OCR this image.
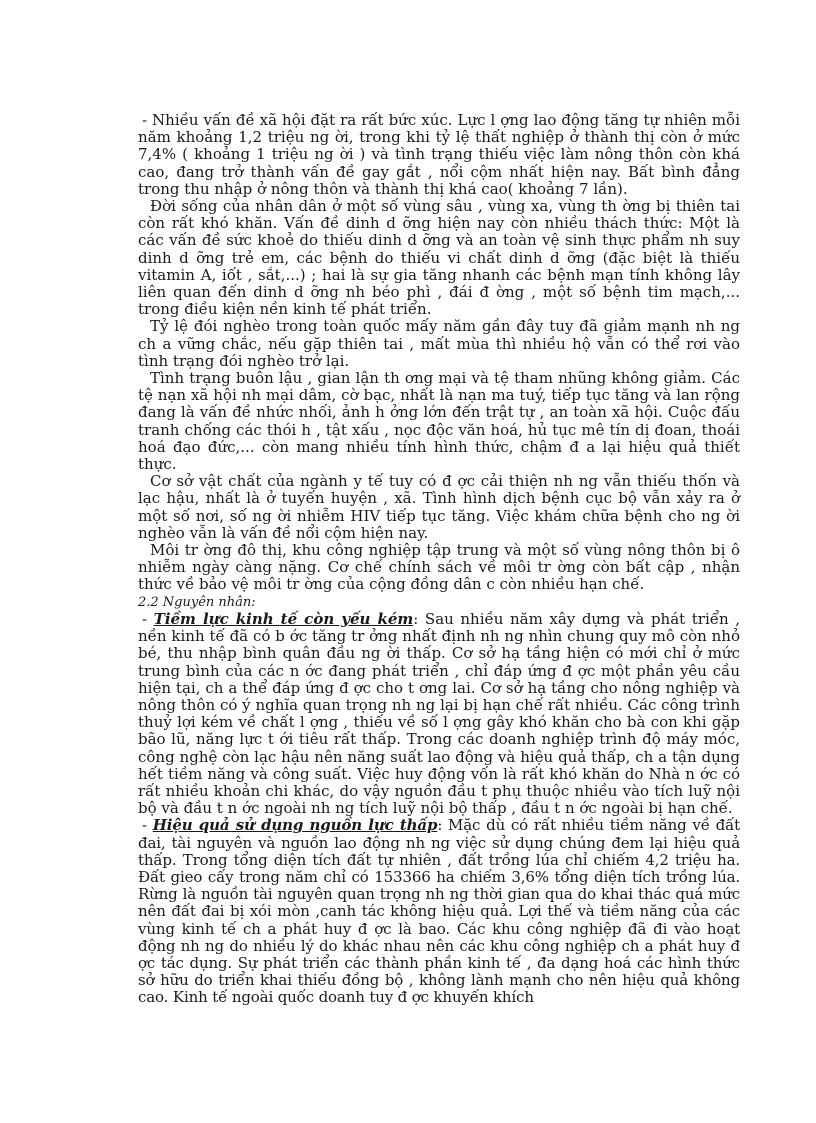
- Nhiều vấn đề xã hội đặt ra rất bức xúc. Lực l ợng lao động tăng tự nhiên mỗi năm khoảng 1,2 triệu ng ời, trong khi tỷ lệ thất nghiệp ở thành thị còn ở mức 7,4% ( khoảng 1 triệu ng ời ) và tình trạng thiếu việc làm nông thôn còn khá cao, đang trở thành vấn đề gay gắt , nổi cộm nhất hiện nay. Bất bình đẳng trong thu nhập ở nông thôn và thành thị khá cao( khoảng 7 lần).

Đời sống của nhân dân ở một số vùng sâu , vùng xa, vùng th ờng bị thiên tai còn rất khó khăn. Vấn đề dinh d ỡng hiện nay còn nhiều thách thức: Một là các vấn đề sức khoẻ do thiếu dinh d ỡng và an toàn vệ sinh thực phẩm nh suy dinh d ỡng trẻ em, các bệnh do thiếu vi chất dinh d ỡng (đặc biệt là thiếu vitamin A, iốt , sắt,...) ; hai là sự gia tăng nhanh các bệnh mạn tính không lây liên quan đến dinh d ỡng nh béo phì , đái đ ờng , một số bệnh tim mạch,... trong điều kiện nền kinh tế phát triển.

Tỷ lệ đói nghèo trong toàn quốc mấy năm gần đây tuy đã giảm mạnh nh ng ch a vững chắc, nếu gặp thiên tai , mất mùa thì nhiều hộ vẫn có thể rơi vào tình trạng đói nghèo trở lại.

Tình trạng buôn lậu , gian lận th ơng mại và tệ tham nhũng không giảm. Các tệ nạn xã hội nh mại dâm, cờ bạc, nhất là nạn ma tuý, tiếp tục tăng và lan rộng đang là vấn đề nhức nhối, ảnh h ởng lớn đến trật tự , an toàn xã hội. Cuộc đấu tranh chống các thói h , tật xấu , nọc độc văn hoá, hủ tục mê tín dị đoan, thoái hoá đạo đức,... còn mang nhiều tính hình thức, chậm đ a lại hiệu quả thiết thực.

Cơ sở vật chất của ngành y tế tuy có đ ợc cải thiện nh ng vẫn thiếu thốn và lạc hậu, nhất là ở tuyến huyện , xã. Tình hình dịch bệnh cục bộ vẫn xảy ra ở một số nơi, số ng ời nhiễm HIV tiếp tục tăng. Việc khám chữa bệnh cho ng ời nghèo vẫn là vấn đề nổi cộm hiện nay.

Môi tr ờng đô thị, khu công nghiệp tập trung và một số vùng nông thôn bị ô nhiễm ngày càng nặng. Cơ chế chính sách về môi tr ờng còn bất cập , nhận thức về bảo vệ môi tr ờng của cộng đồng dân c còn nhiều hạn chế.

2.2 Nguyên nhân:

- Tiềm lực kinh tế còn yếu kém: Sau nhiều năm xây dựng và phát triển , nền kinh tế đã có b ớc tăng tr ởng nhất định nh ng nhìn chung quy mô còn nhỏ bé, thu nhập bình quân đầu ng ời thấp. Cơ sở hạ tầng hiện có mới chỉ ở mức trung bình của các n ớc đang phát triển , chỉ đáp ứng đ ợc một phần yêu cầu hiện tại, ch a thể đáp ứng đ ợc cho t ơng lai. Cơ sở hạ tầng cho nông nghiệp và nông thôn có ý nghĩa quan trọng nh ng lại bị hạn chế rất nhiều. Các công trình thuỷ lợi kém về chất l ợng , thiếu về số l ợng gây khó khăn cho bà con khi gặp bão lũ, năng lực t ới tiêu rất thấp. Trong các doanh nghiệp trình độ máy móc, công nghệ còn lạc hậu nên năng suất lao động và hiệu quả thấp, ch a tận dụng hết tiềm năng và công suất. Việc huy động vốn là rất khó khăn do Nhà n ớc có rất nhiều khoản chi khác, do vậy nguồn đầu t phụ thuộc nhiều vào tích luỹ nội bộ và đầu t n ớc ngoài nh ng tích luỹ nội bộ thấp , đầu t n ớc ngoài bị hạn chế.

- Hiệu quả sử dụng nguồn lực thấp: Mặc dù có rất nhiều tiềm năng về đất đai, tài nguyên và nguồn lao động nh ng việc sử dụng chúng đem lại hiệu quả thấp. Trong tổng diện tích đất tự nhiên , đất trồng lúa chỉ chiếm 4,2 triệu ha. Đất gieo cấy trong năm chỉ có 153366 ha chiếm 3,6% tổng diện tích trồng lúa. Rừng là nguồn tài nguyên quan trọng nh ng thời gian qua do khai thác quá mức nên đất đai bị xói mòn ,canh tác không hiệu quả. Lợi thế và tiềm năng của các vùng kinh tế ch a phát huy đ ợc là bao. Các khu công nghiệp đã đi vào hoạt động nh ng do nhiều lý do khác nhau nên các khu công nghiệp ch a phát huy đ ợc tác dụng. Sự phát triển các thành phần kinh tế , đa dạng hoá các hình thức sở hữu do triển khai thiếu đồng bộ , không lành mạnh cho nên hiệu quả không cao. Kinh tế ngoài quốc doanh tuy đ ợc khuyến khích
